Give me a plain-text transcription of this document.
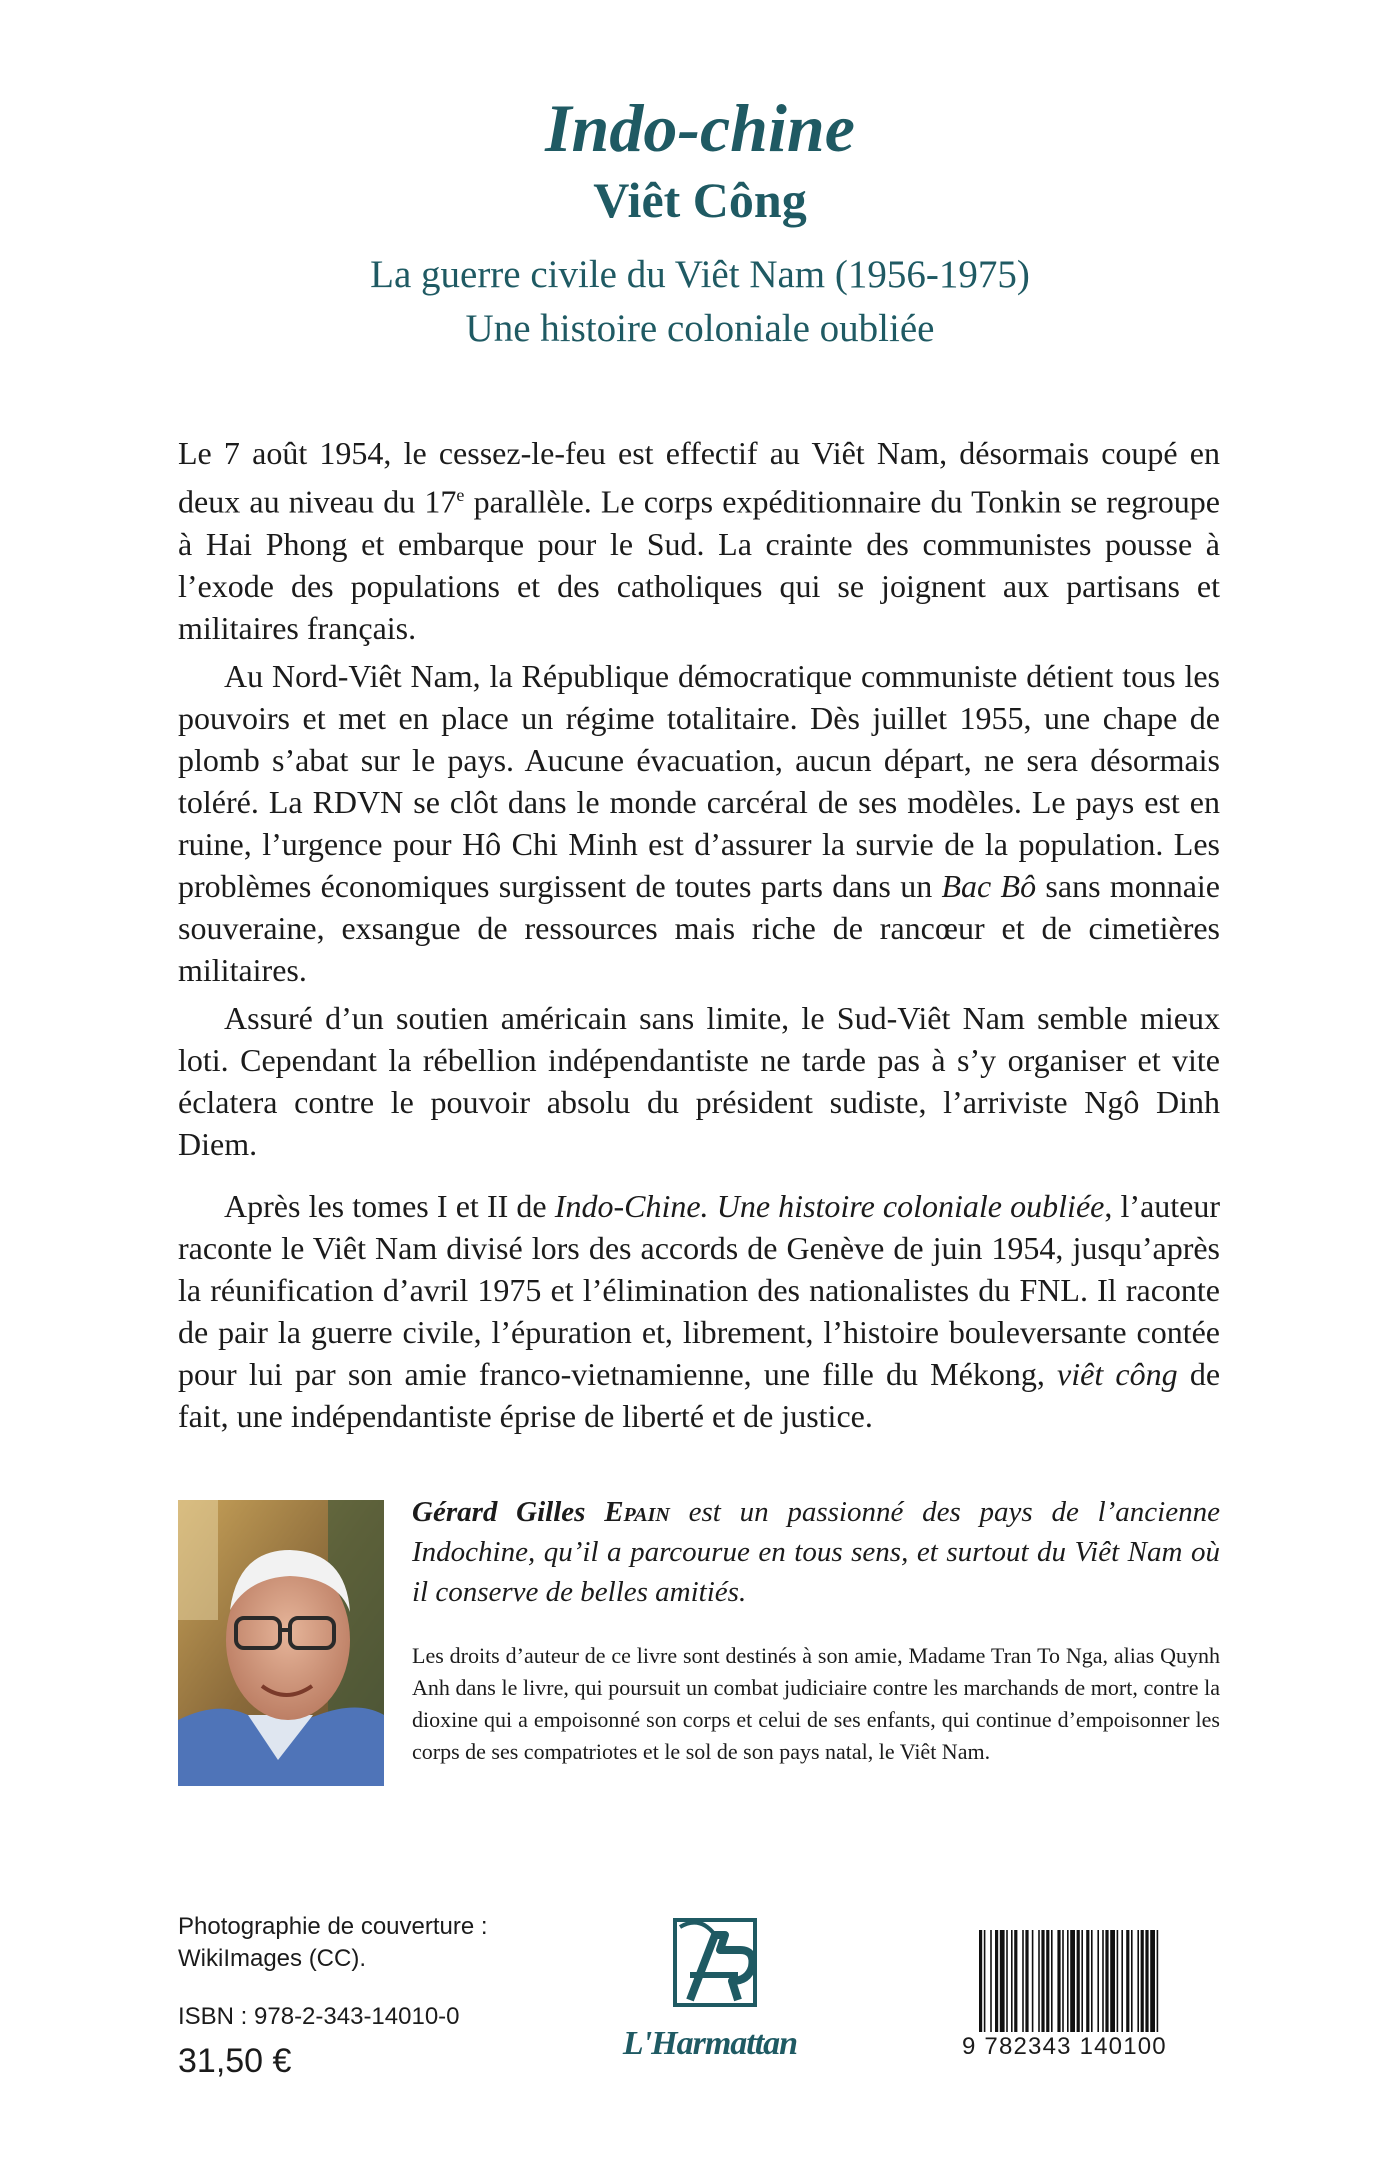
Indo-chine
Viêt Công
La guerre civile du Viêt Nam (1956-1975)
Une histoire coloniale oubliée

Le 7 août 1954, le cessez-le-feu est effectif au Viêt Nam, désormais coupé en deux au niveau du 17e parallèle. Le corps expéditionnaire du Tonkin se regroupe à Hai Phong et embarque pour le Sud. La crainte des communistes pousse à l’exode des populations et des catholiques qui se joignent aux partisans et militaires français.

Au Nord-Viêt Nam, la République démocratique communiste détient tous les pouvoirs et met en place un régime totalitaire. Dès juillet 1955, une chape de plomb s’abat sur le pays. Aucune évacuation, aucun départ, ne sera désormais toléré. La RDVN se clôt dans le monde carcéral de ses modèles. Le pays est en ruine, l’urgence pour Hô Chi Minh est d’assurer la survie de la population. Les problèmes économiques surgissent de toutes parts dans un Bac Bô sans monnaie souveraine, exsangue de ressources mais riche de rancœur et de cimetières militaires.

Assuré d’un soutien américain sans limite, le Sud-Viêt Nam semble mieux loti. Cependant la rébellion indépendantiste ne tarde pas à s’y organiser et vite éclatera contre le pouvoir absolu du président sudiste, l’arriviste Ngô Dinh Diem.

Après les tomes I et II de Indo-Chine. Une histoire coloniale oubliée, l’auteur raconte le Viêt Nam divisé lors des accords de Genève de juin 1954, jusqu’après la réunification d’avril 1975 et l’élimination des nationalistes du FNL. Il raconte de pair la guerre civile, l’épuration et, librement, l’histoire bouleversante contée pour lui par son amie franco-vietnamienne, une fille du Mékong, viêt công de fait, une indépendantiste éprise de liberté et de justice.

Gérard Gilles Epain est un passionné des pays de l’ancienne Indochine, qu’il a parcourue en tous sens, et surtout du Viêt Nam où il conserve de belles amitiés.

Les droits d’auteur de ce livre sont destinés à son amie, Madame Tran To Nga, alias Quynh Anh dans le livre, qui poursuit un combat judiciaire contre les marchands de mort, contre la dioxine qui a empoisonné son corps et celui de ses enfants, qui continue d’empoisonner les corps de ses compatriotes et le sol de son pays natal, le Viêt Nam.

Photographie de couverture :
WikiImages (CC).
ISBN : 978-2-343-14010-0
31,50 €	L'Harmattan	9 782343 140100
